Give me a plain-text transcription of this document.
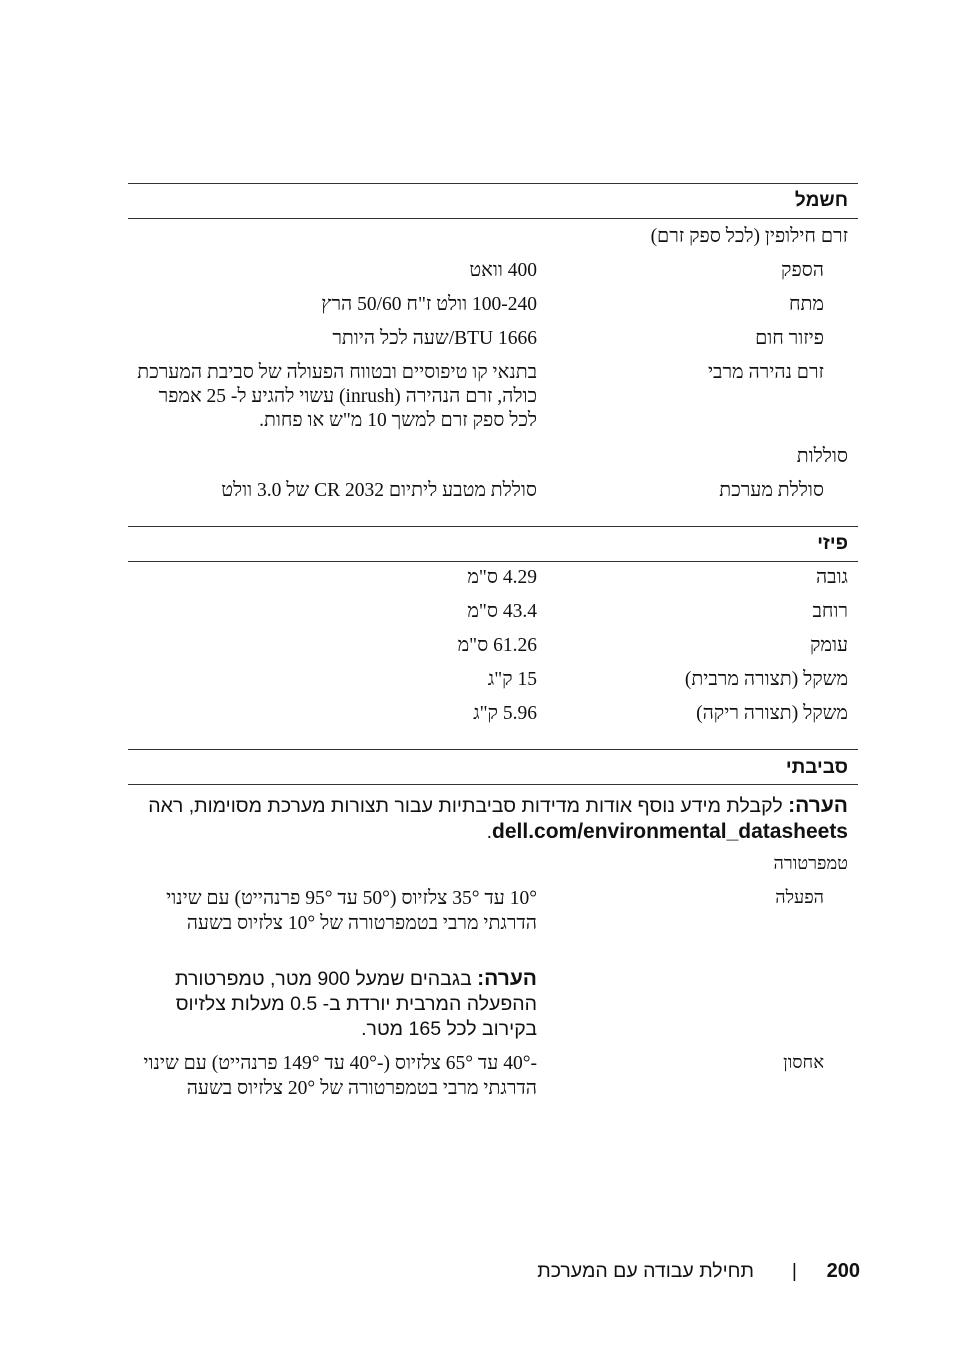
חשמל
זרם חילופין (לכל ספק זרם)
הספק
400 וואט
מתח
100-240 וולט ז"ח 50/60 הרץ
פיזור חום
1666 BTU/שעה לכל היותר
זרם נהירה מרבי
בתנאי קו טיפוסיים ובטווח הפעולה של סביבת המערכת כולה, זרם הנהירה (inrush) עשוי להגיע ל- 25 אמפר לכל ספק זרם למשך 10 מ"ש או פחות.
סוללות
סוללת מערכת
סוללת מטבע ליתיום CR 2032 של 3.0 וולט
פיזי
גובה
4.29 ס"מ
רוחב
43.4 ס"מ
עומק
61.26 ס"מ
משקל (תצורה מרבית)
15 ק"ג
משקל (תצורה ריקה)
5.96 ק"ג
סביבתי
הערה: לקבלת מידע נוסף אודות מדידות סביבתיות עבור תצורות מערכת מסוימות, ראה dell.com/environmental_datasheets.
טמפרטורה
הפעלה
10° עד 35° צלזיוס (50° עד 95° פרנהייט) עם שינוי הדרגתי מרבי בטמפרטורה של 10° צלזיוס בשעה
הערה: בגבהים שמעל 900 מטר, טמפרטורת ההפעלה המרבית יורדת ב- 0.5 מעלות צלזיוס בקירוב לכל 165 מטר.
אחסון
-40° עד 65° צלזיוס (-40° עד 149° פרנהייט) עם שינוי הדרגתי מרבי בטמפרטורה של 20° צלזיוס בשעה
200
|
תחילת עבודה עם המערכת
